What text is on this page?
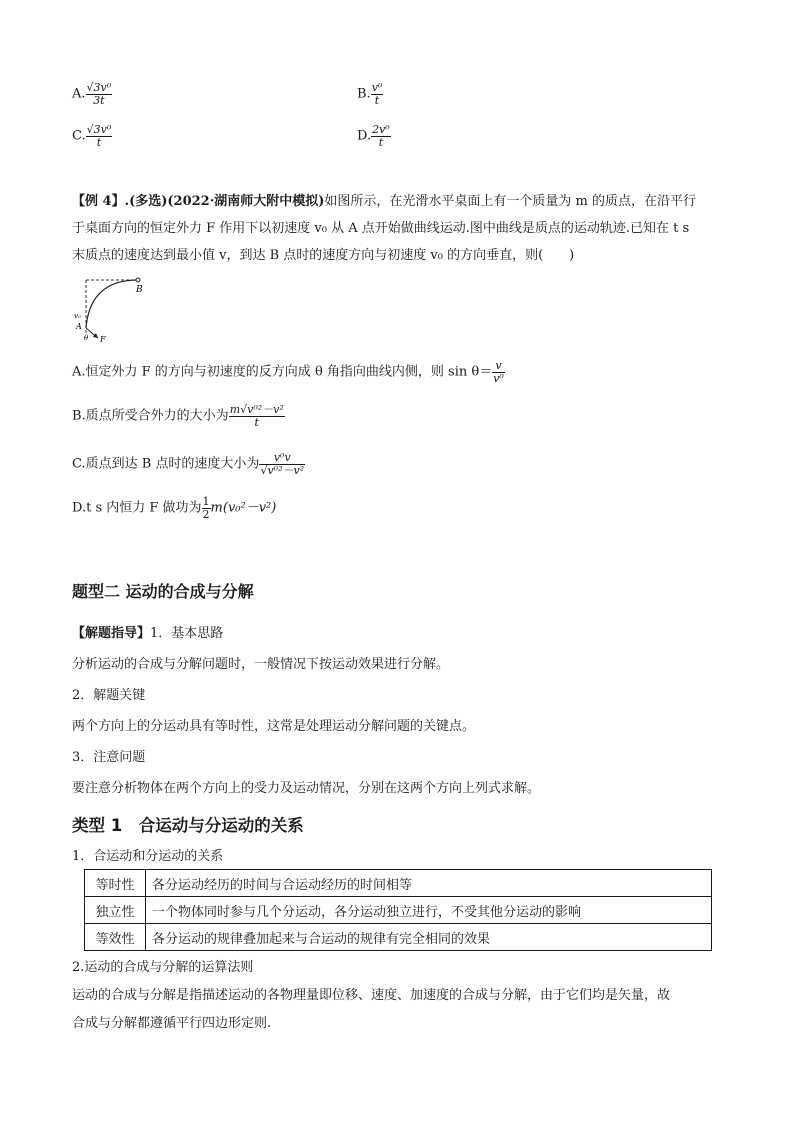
A. $\frac{\text{√3v⁰}}{3t}$	B. $\frac{\text{v⁰}}{t}$
C. $\frac{\text{√3v⁰}}{t}$	D. $\frac{\text{2v⁰}}{t}$
【例 4】.(多选)(2022·湖南师大附中模拟)如图所示，在光滑水平桌面上有一个质量为 m 的质点，在沿平行
于桌面方向的恒定外力 F 作用下以初速度 v₀ 从 A 点开始做曲线运动.图中曲线是质点的运动轨迹.已知在 t s
末质点的速度达到最小值 v，到达 B 点时的速度方向与初速度 v₀ 的方向垂直，则(　　)
B
v₀
A
θ F
A.恒定外力 F 的方向与初速度的反方向成 θ 角指向曲线内侧，则 $\sin \theta= \frac{v}{\text{v⁰}}$
B.质点所受合外力的大小为 $\frac{\text{m√v⁰²－v²}}{t}$
C.质点到达 B 点时的速度大小为 $\frac{\text{v⁰v}}{\text{√v⁰²－v²}}$
D.t s 内恒力 F 做功为 $\frac{1}{2} m(v_0^2-v^2)$
题型二 运动的合成与分解
【解题指导】1．基本思路
分析运动的合成与分解问题时，一般情况下按运动效果进行分解。
2．解题关键
两个方向上的分运动具有等时性，这常是处理运动分解问题的关键点。
3．注意问题
要注意分析物体在两个方向上的受力及运动情况，分别在这两个方向上列式求解。
类型 1　合运动与分运动的关系
1．合运动和分运动的关系
等时性	各分运动经历的时间与合运动经历的时间相等
独立性	一个物体同时参与几个分运动，各分运动独立进行，不受其他分运动的影响
等效性	各分运动的规律叠加起来与合运动的规律有完全相同的效果
2.运动的合成与分解的运算法则
运动的合成与分解是指描述运动的各物理量即位移、速度、加速度的合成与分解，由于它们均是矢量，故
合成与分解都遵循平行四边形定则.
